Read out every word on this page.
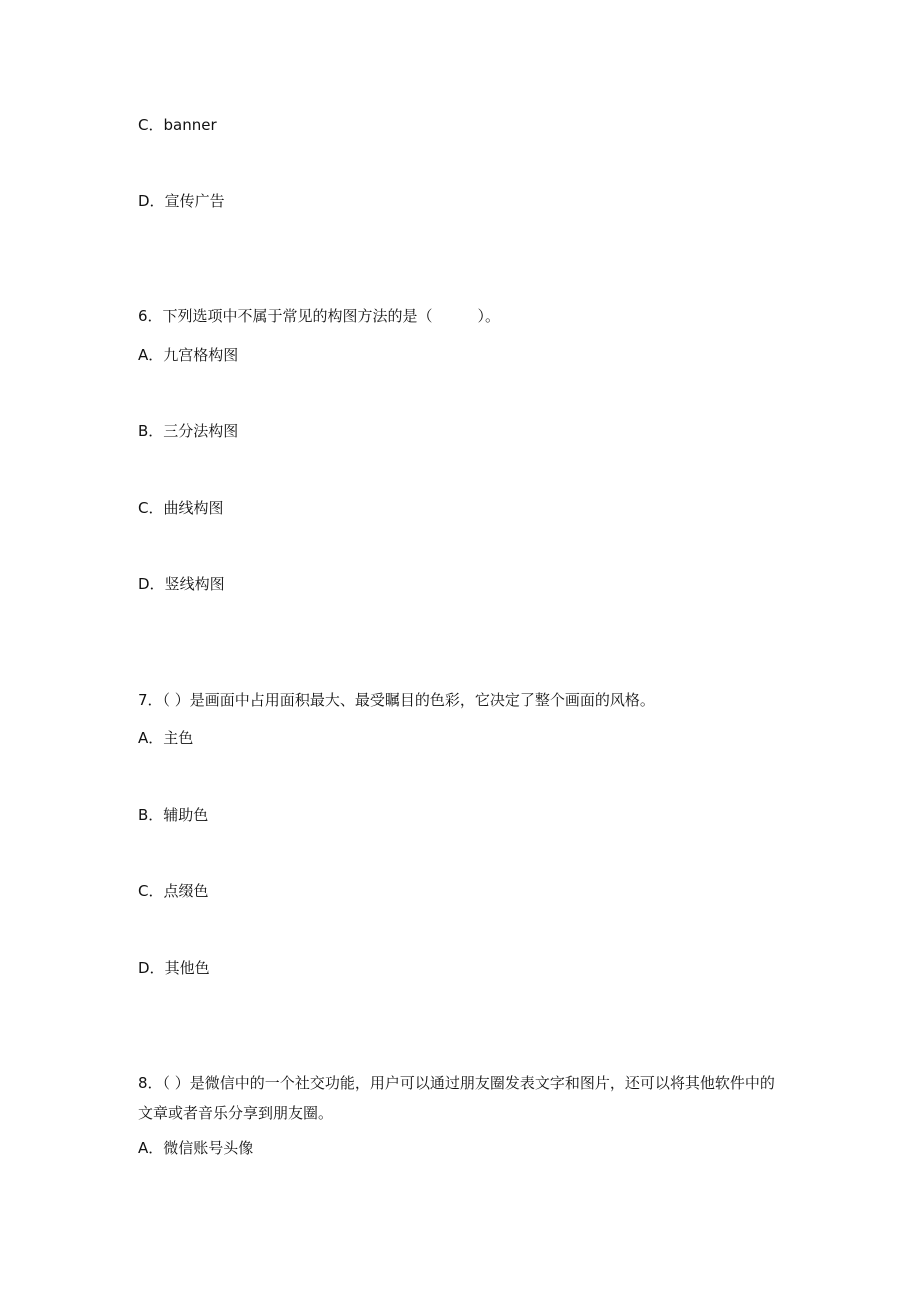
C．banner
D．宣传广告
6．下列选项中不属于常见的构图方法的是（　　　）。
A．九宫格构图
B．三分法构图
C．曲线构图
D．竖线构图
7．（ ）是画面中占用面积最大、最受瞩目的色彩，它决定了整个画面的风格。
A．主色
B．辅助色
C．点缀色
D．其他色
8．（ ）是微信中的一个社交功能，用户可以通过朋友圈发表文字和图片，还可以将其他软件中的文章或者音乐分享到朋友圈。
A．微信账号头像
